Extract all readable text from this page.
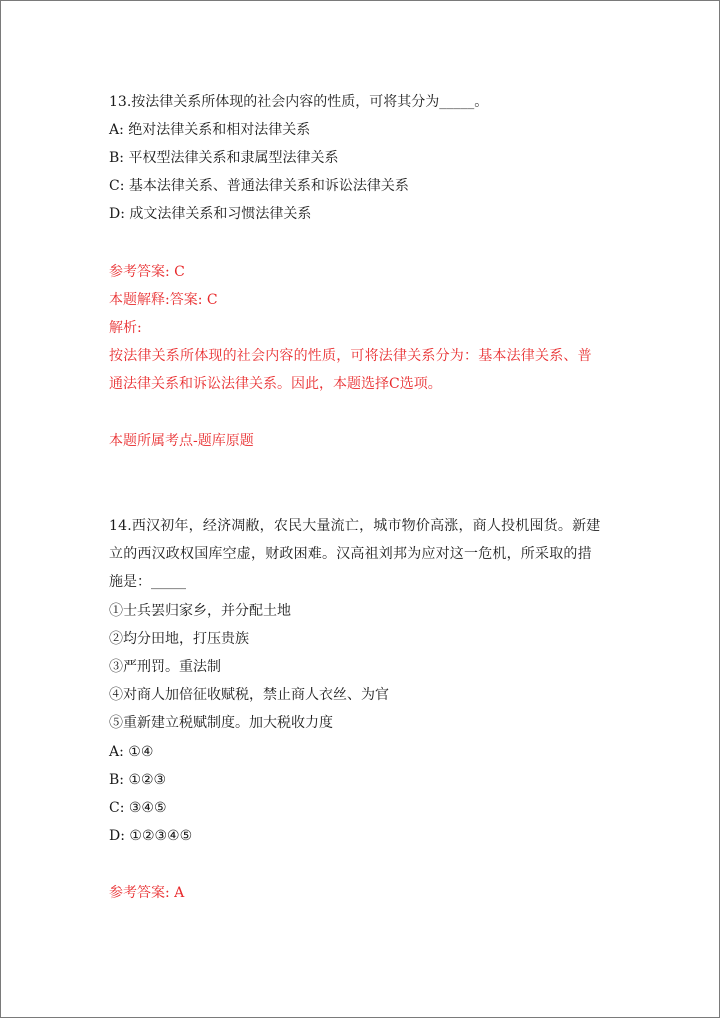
13.按法律关系所体现的社会内容的性质，可将其分为_____。
A: 绝对法律关系和相对法律关系
B: 平权型法律关系和隶属型法律关系
C: 基本法律关系、普通法律关系和诉讼法律关系
D: 成文法律关系和习惯法律关系
参考答案: C
本题解释:答案: C
解析:
按法律关系所体现的社会内容的性质，可将法律关系分为：基本法律关系、普
通法律关系和诉讼法律关系。因此，本题选择C选项。
本题所属考点-题库原题
14.西汉初年，经济凋敝，农民大量流亡，城市物价高涨，商人投机囤货。新建
立的西汉政权国库空虚，财政困难。汉高祖刘邦为应对这一危机，所采取的措
施是：_____
①士兵罢归家乡，并分配土地
②均分田地，打压贵族
③严刑罚。重法制
④对商人加倍征收赋税，禁止商人衣丝、为官
⑤重新建立税赋制度。加大税收力度
A: ①④
B: ①②③
C: ③④⑤
D: ①②③④⑤
参考答案: A
